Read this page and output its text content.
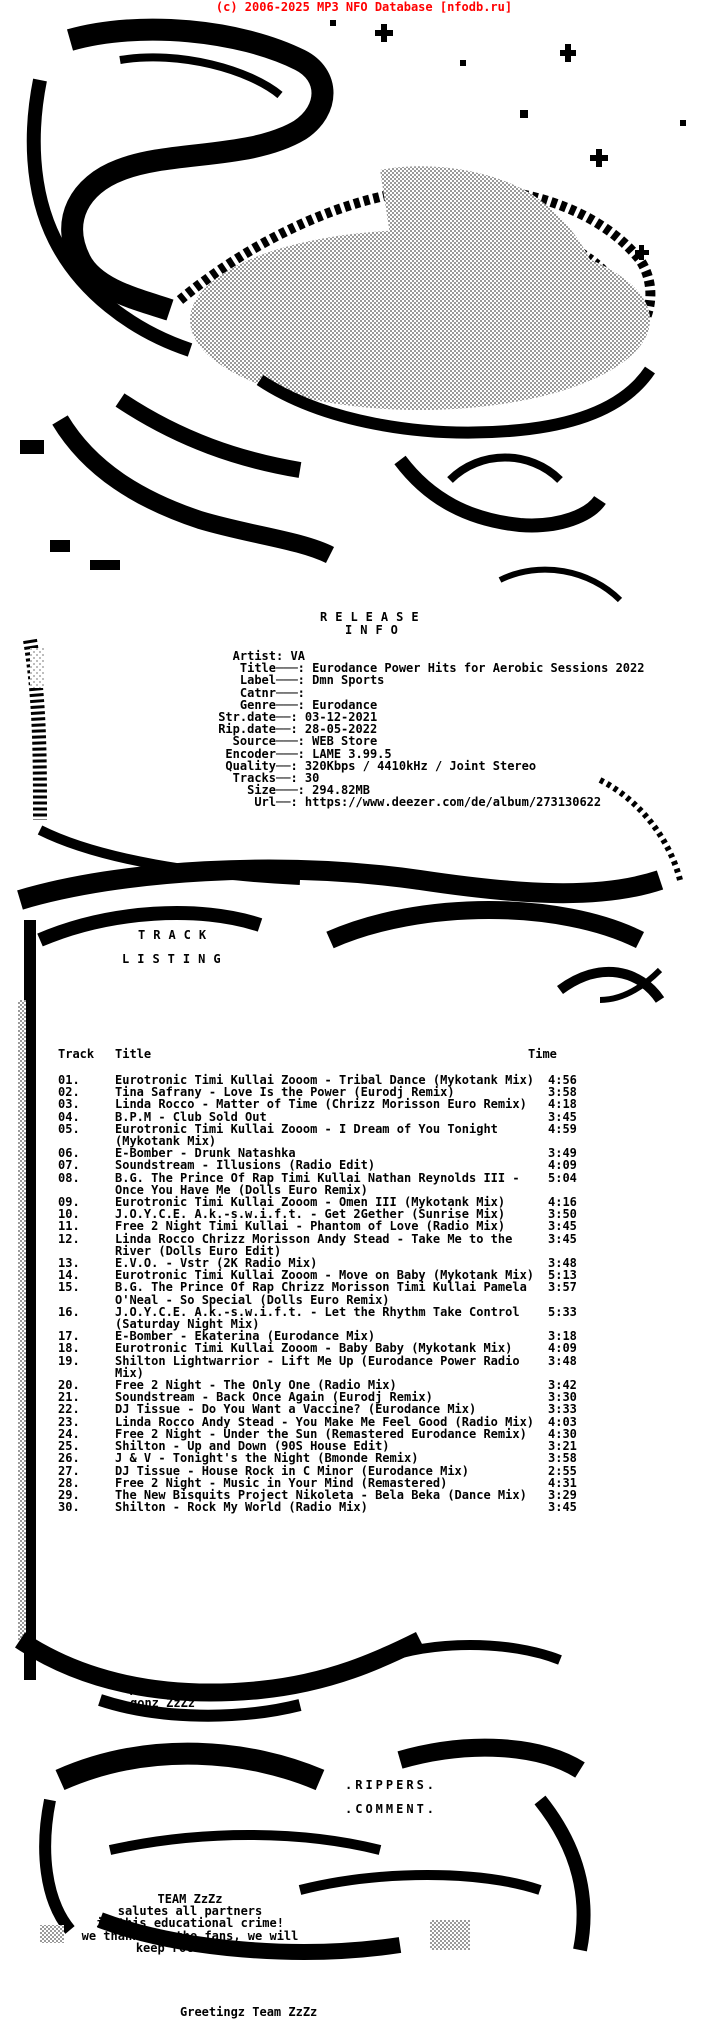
(c) 2006-2025 MP3 NFO Database [nfodb.ru]
RELEASE
INFO
Artist: VA
Title───: Eurodance Power Hits for Aerobic Sessions 2022
Label───: Dmn Sports
Catnr───:
Genre───: Eurodance
Str.date──: 03-12-2021
Rip.date──: 28-05-2022
Source───: WEB Store
Encoder───: LAME 3.99.5
Quality──: 320Kbps / 4410kHz / Joint Stereo
Tracks──: 30
Size───: 294.82MB
Url──: https://www.deezer.com/de/album/273130622
TRACK
LISTING
Track Title	Time
01.	Eurotronic Timi Kullai Zooom - Tribal Dance (Mykotank Mix) 4:56
02.	Tina Safrany - Love Is the Power (Eurodj Remix)	3:58
03.	Linda Rocco - Matter of Time (Chrizz Morisson Euro Remix)	4:18
04.	B.P.M - Club Sold Out	3:45
05.	Eurotronic Timi Kullai Zooom - I Dream of You Tonight (Mykotank Mix)
4:59
06.	E-Bomber - Drunk Natashka	3:49
07.	Soundstream - Illusions (Radio Edit)	4:09
08.	B.G. The Prince Of Rap Timi Kullai Nathan Reynolds III - Once You Have Me (Dolls Euro Remix)
5:04
09.	Eurotronic Timi Kullai Zooom - Omen III (Mykotank Mix)	4:16
10.	J.O.Y.C.E. A.k.-s.w.i.f.t. - Get 2Gether (Sunrise Mix)	3:50
11.	Free 2 Night Timi Kullai - Phantom of Love (Radio Mix)	3:45
12.	Linda Rocco Chrizz Morisson Andy Stead - Take Me to the River (Dolls Euro Edit)
3:45
13.	E.V.O. - Vstr (2K Radio Mix)	3:48
14.	Eurotronic Timi Kullai Zooom - Move on Baby (Mykotank Mix) 5:13
15.	B.G. The Prince Of Rap Chrizz Morisson Timi Kullai Pamela O'Neal - So Special (Dolls Euro Remix)
3:57
16.	J.O.Y.C.E. A.k.-s.w.i.f.t. - Let the Rhythm Take Control (Saturday Night Mix)
5:33
17.	E-Bomber - Ekaterina (Eurodance Mix)	3:18
18.	Eurotronic Timi Kullai Zooom - Baby Baby (Mykotank Mix)	4:09
19.	Shilton Lightwarrior - Lift Me Up (Eurodance Power Radio Mix)
3:48
20.	Free 2 Night - The Only One (Radio Mix)	3:42
21.	Soundstream - Back Once Again (Eurodj Remix)	3:30
22.	DJ Tissue - Do You Want a Vaccine? (Eurodance Mix)	3:33
23.	Linda Rocco Andy Stead - You Make Me Feel Good (Radio Mix) 4:03
24.	Free 2 Night - Under the Sun (Remastered Eurodance Remix)	4:30
25.	Shilton - Up and Down (90S House Edit)	3:21
26.	J & V - Tonight's the Night (Bmonde Remix)	3:58
27.	DJ Tissue - House Rock in C Minor (Eurodance Mix)	2:55
28.	Free 2 Night - Music in Your Mind (Remastered)	4:31
29.	The New Bisquits Project Nikoleta - Bela Beka (Dance Mix)	3:29
30.	Shilton - Rock My World (Radio Mix)	3:45
ASCii by
gonz_ZzZz
.RIPPERS.
.COMMENT.
TEAM ZzZz
salutes all partners
in this educational crime!
we thank all the fans, we will
keep rocking...
Greetingz Team ZzZz
